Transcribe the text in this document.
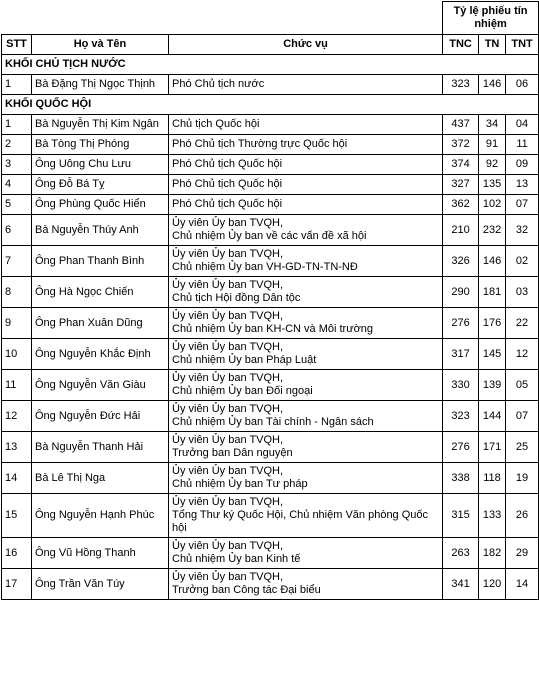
			Tỷ lệ phiếu tín nhiệm		
STT	Họ và Tên	Chức vụ	TNC	TN	TNT
KHỐI CHỦ TỊCH NƯỚC					
1	Bà Đặng Thị Ngọc Thịnh	Phó Chủ tịch nước	323	146	06
KHỐI QUỐC HỘI					
1	Bà Nguyễn Thị Kim Ngân	Chủ tịch Quốc hội	437	34	04
2	Bà Tòng Thị Phóng	Phó Chủ tịch Thường trực Quốc hội	372	91	11
3	Ông Uông Chu Lưu	Phó Chủ tịch Quốc hội	374	92	09
4	Ông Đỗ Bá Tỵ	Phó Chủ tịch Quốc hội	327	135	13
5	Ông Phùng Quốc Hiển	Phó Chủ tịch Quốc hội	362	102	07
6	Bà Nguyễn Thúy Anh	Ủy viên Ủy ban TVQH,
Chủ nhiệm Ủy ban về các vấn đề xã hội	210	232	32
7	Ông Phan Thanh Bình	Ủy viên Ủy ban TVQH,
Chủ nhiệm Ủy ban VH-GD-TN-TN-NĐ	326	146	02
8	Ông Hà Ngọc Chiến	Ủy viên Ủy ban TVQH,
Chủ tịch Hội đồng Dân tộc	290	181	03
9	Ông Phan Xuân Dũng	Ủy viên Ủy ban TVQH,
Chủ nhiệm Ủy ban KH-CN và Môi trường	276	176	22
10	Ông Nguyễn Khắc Định	Ủy viên Ủy ban TVQH,
Chủ nhiệm Ủy ban Pháp Luật	317	145	12
11	Ông Nguyễn Văn Giàu	Ủy viên Ủy ban TVQH,
Chủ nhiệm Ủy ban Đối ngoại	330	139	05
12	Ông Nguyễn Đức Hải	Ủy viên Ủy ban TVQH,
Chủ nhiệm Ủy ban Tài chính - Ngân sách	323	144	07
13	Bà Nguyễn Thanh Hải	Ủy viên Ủy ban TVQH,
Trưởng ban Dân nguyện	276	171	25
14	Bà Lê Thị Nga	Ủy viên Ủy ban TVQH,
Chủ nhiệm Ủy ban Tư pháp	338	118	19
15	Ông Nguyễn Hạnh Phúc	Ủy viên Ủy ban TVQH,
Tổng Thư ký Quốc Hội, Chủ nhiệm Văn phòng Quốc
hội	315	133	26
16	Ông Vũ Hồng Thanh	Ủy viên Ủy ban TVQH,
Chủ nhiệm Ủy ban Kinh tế	263	182	29
17	Ông Trần Văn Túy	Ủy viên Ủy ban TVQH,
Trưởng ban Công tác Đại biểu	341	120	14
